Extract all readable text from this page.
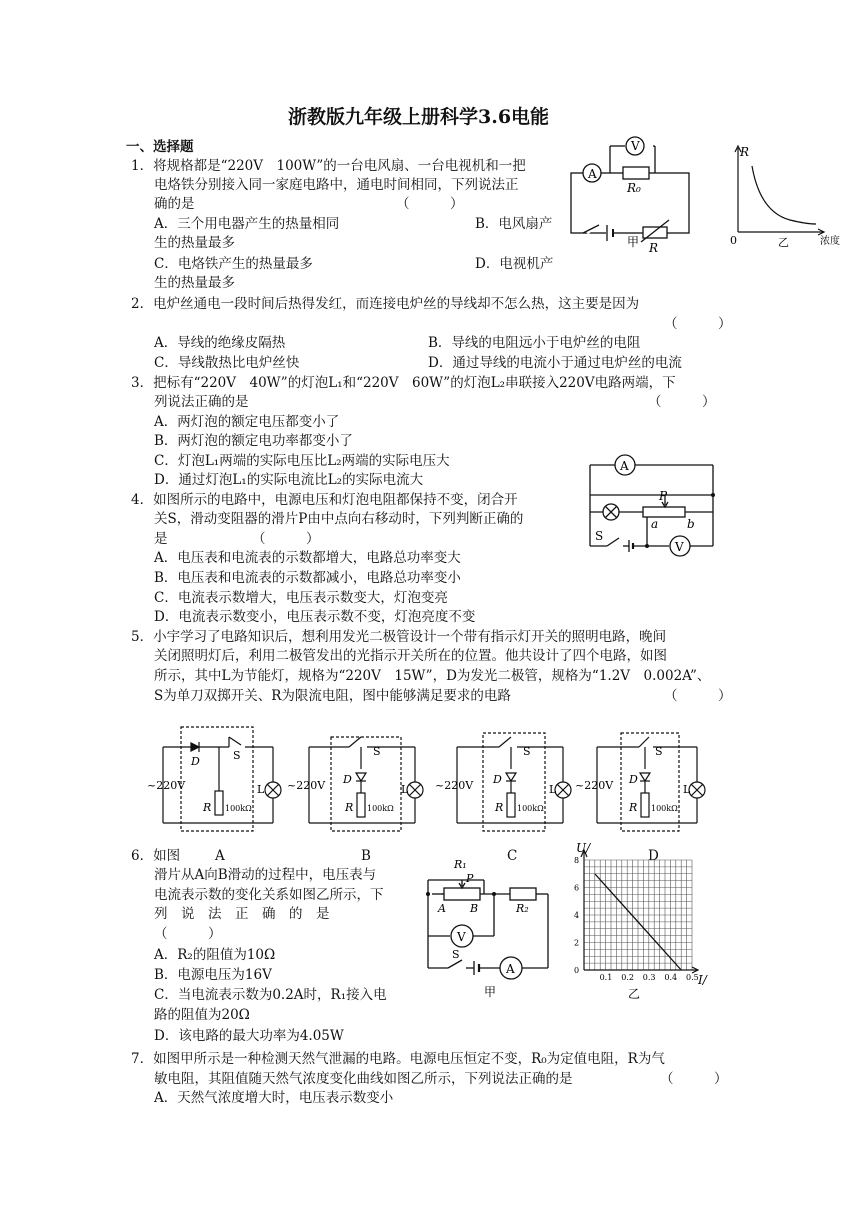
浙教版九年级上册科学3.6电能
一、选择题
1．将规格都是“220V　100W”的一台电风扇、一台电视机和一把
电烙铁分别接入同一家庭电路中，通电时间相同，下列说法正
确的是	（　　　）
A．三个用电器产生的热量相同	B．电风扇产
生的热量最多
C．电烙铁产生的热量最多	D．电视机产
生的热量最多
A
V
R₀
R
甲
R
0	乙	浓度
2．电炉丝通电一段时间后热得发红，而连接电炉丝的导线却不怎么热，这主要是因为
（　　　）
A．导线的绝缘皮隔热	B．导线的电阻远小于电炉丝的电阻
C．导线散热比电炉丝快	D．通过导线的电流小于通过电炉丝的电流
3．把标有“220V　40W”的灯泡L₁和“220V　60W”的灯泡L₂串联接入220V电路两端，下
列说法正确的是	（　　　）
A．两灯泡的额定电压都变小了
B．两灯泡的额定电功率都变小了
C．灯泡L₁两端的实际电压比L₂两端的实际电压大
D．通过灯泡L₁的实际电流比L₂的实际电流大
A
V
P
a b
S
4．如图所示的电路中，电源电压和灯泡电阻都保持不变，闭合开
关S，滑动变阻器的滑片P由中点向右移动时，下列判断正确的
是	（　　　）
A．电压表和电流表的示数都增大，电路总功率变大
B．电压表和电流表的示数都减小，电路总功率变小
C．电流表示数增大，电压表示数变大，灯泡变亮
D．电流表示数变小，电压表示数不变，灯泡亮度不变
5．小宇学习了电路知识后，想利用发光二极管设计一个带有指示灯开关的照明电路，晚间
关闭照明灯后，利用二极管发出的光指示开关所在的位置。他共设计了四个电路，如图
所示，其中L为节能灯，规格为“220V　15W”，D为发光二极管，规格为“1.2V　0.002A”、
S为单刀双掷开关、R为限流电阻，图中能够满足要求的电路	（　　　）
~220V
D	S
R 100kΩ
L ~220V D
S
R 100kΩ
L ~220V D
S
R 100kΩ
L ~220V D
S
R 100kΩ
L
A	B	C	D
6．如图
滑片从A向B滑动的过程中，电压表与
电流表示数的变化关系如图乙所示，下
列　说　法　正　确　的　是
（　　　）
A．R₂的阻值为10Ω
B．电源电压为16V
C．当电流表示数为0.2A时，R₁接入电
路的阻值为20Ω
D．该电路的最大功率为4.05W
R₁
P
A B	R₂
V
S
A
甲
0.1 0.2 0.3 0.4 0.5
0
2
4
6
8
U/
I/
乙
7．如图甲所示是一种检测天然气泄漏的电路。电源电压恒定不变，R₀为定值电阻，R为气
敏电阻，其阻值随天然气浓度变化曲线如图乙所示，下列说法正确的是	（　　　）
A．天然气浓度增大时，电压表示数变小
